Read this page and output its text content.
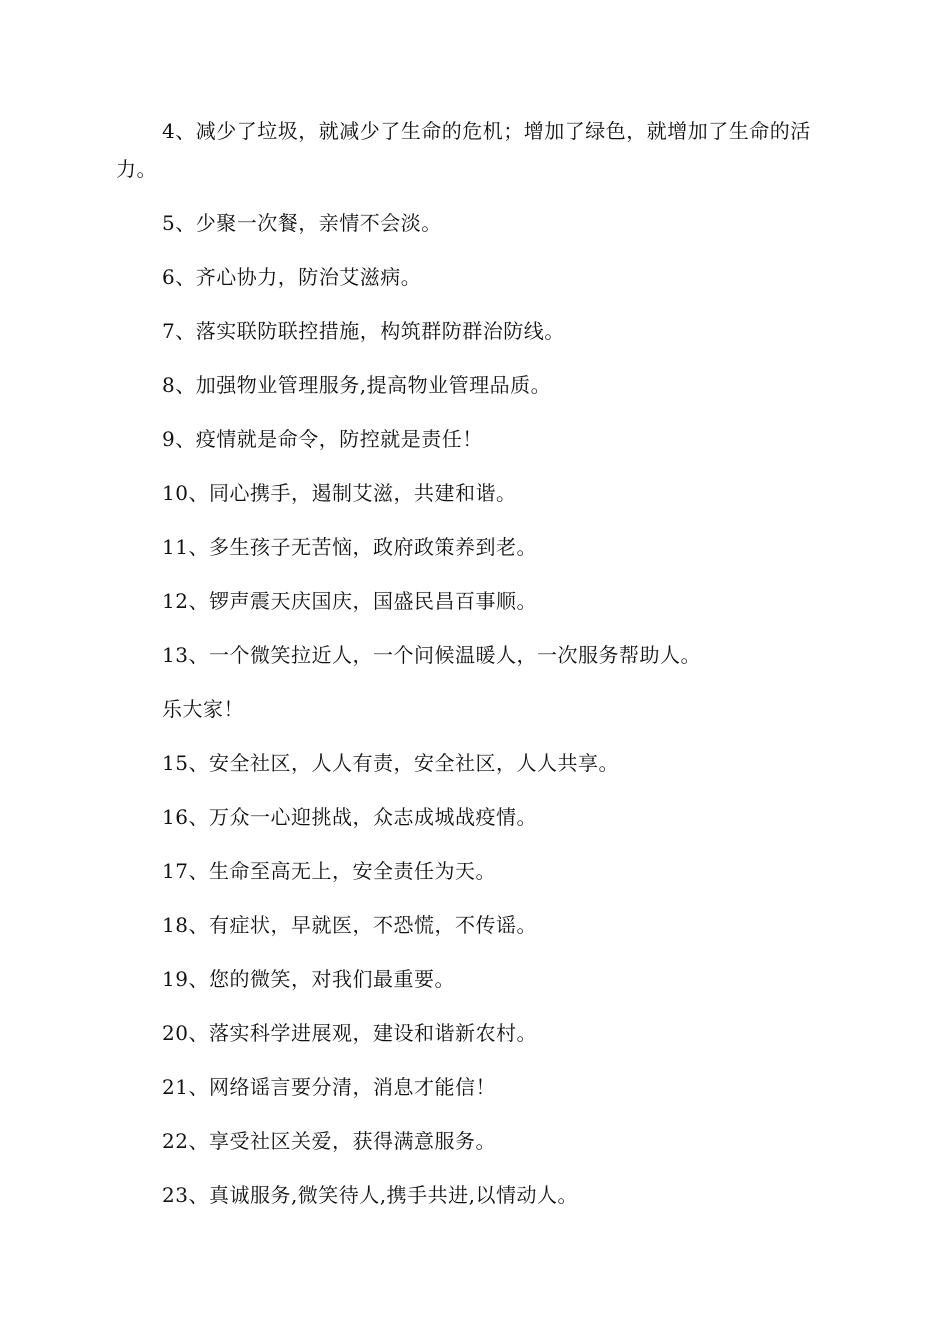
4、减少了垃圾，就减少了生命的危机；增加了绿色，就增加了生命的活力。

5、少聚一次餐，亲情不会淡。

6、齐心协力，防治艾滋病。

7、落实联防联控措施，构筑群防群治防线。

8、加强物业管理服务,提高物业管理品质。

9、疫情就是命令，防控就是责任！

10、同心携手，遏制艾滋，共建和谐。

11、多生孩子无苦恼，政府政策养到老。

12、锣声震天庆国庆，国盛民昌百事顺。

13、一个微笑拉近人，一个问候温暖人，一次服务帮助人。

乐大家！

15、安全社区，人人有责，安全社区，人人共享。

16、万众一心迎挑战，众志成城战疫情。

17、生命至高无上，安全责任为天。

18、有症状，早就医，不恐慌，不传谣。

19、您的微笑，对我们最重要。

20、落实科学进展观，建设和谐新农村。

21、网络谣言要分清，消息才能信！

22、享受社区关爱，获得满意服务。

23、真诚服务,微笑待人,携手共进,以情动人。
